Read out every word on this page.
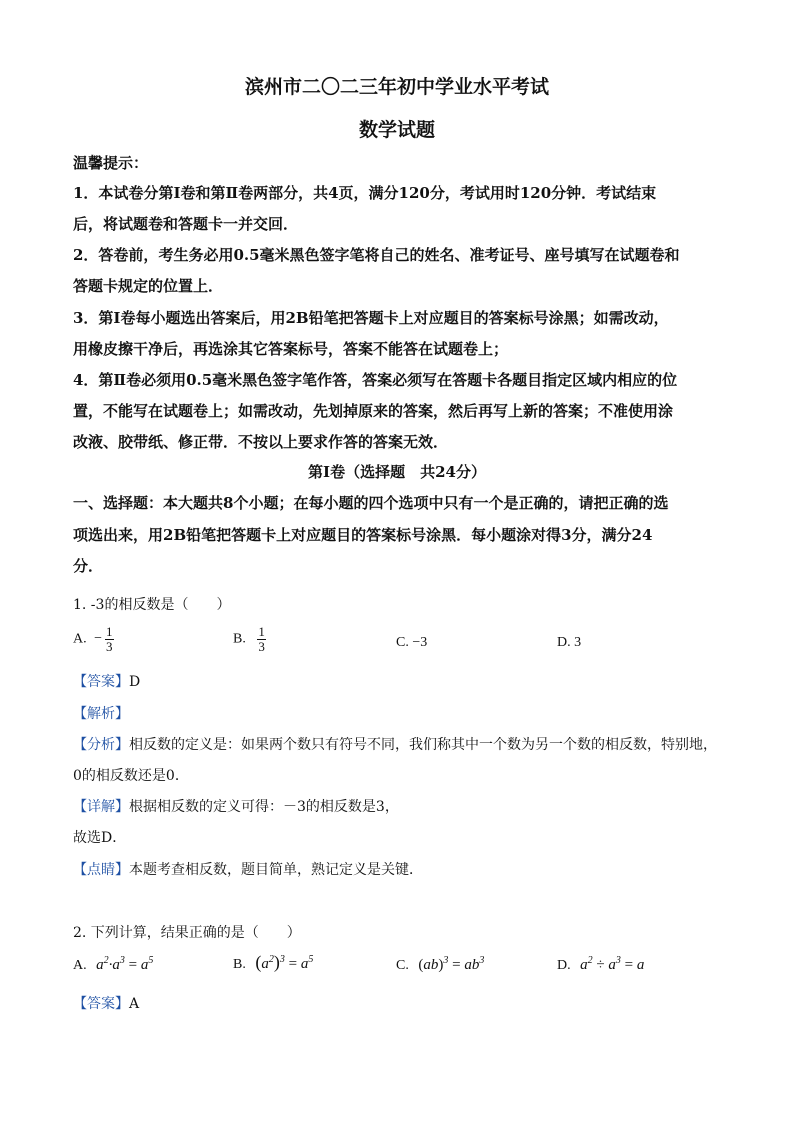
滨州市二〇二三年初中学业水平考试
数学试题
温馨提示：
1．本试卷分第Ⅰ卷和第Ⅱ卷两部分，共4页，满分120分，考试用时120分钟．考试结束
后，将试题卷和答题卡一并交回．
2．答卷前，考生务必用0.5毫米黑色签字笔将自己的姓名、准考证号、座号填写在试题卷和
答题卡规定的位置上．
3．第Ⅰ卷每小题选出答案后，用2B铅笔把答题卡上对应题目的答案标号涂黑；如需改动，
用橡皮擦干净后，再选涂其它答案标号，答案不能答在试题卷上；
4．第Ⅱ卷必须用0.5毫米黑色签字笔作答，答案必须写在答题卡各题目指定区域内相应的位
置，不能写在试题卷上；如需改动，先划掉原来的答案，然后再写上新的答案；不准使用涂
改液、胶带纸、修正带．不按以上要求作答的答案无效．
第Ⅰ卷（选择题　共24分）
一、选择题：本大题共8个小题；在每小题的四个选项中只有一个是正确的，请把正确的选
项选出来，用2B铅笔把答题卡上对应题目的答案标号涂黑．每小题涂对得3分，满分24
分．
1. -3的相反数是（　　）
A. − $\frac{1}{3}$	B. $\frac{1}{3}$	C. −3	D. 3
【答案】D
【解析】
【分析】相反数的定义是：如果两个数只有符号不同，我们称其中一个数为另一个数的相反数，特别地，
0的相反数还是0．
【详解】根据相反数的定义可得：－3的相反数是3，
故选D．
【点睛】本题考查相反数，题目简单，熟记定义是关键．
2. 下列计算，结果正确的是（　　）
A. $a^2\cdot a^3 = a^5$	B. $(a^2)^3 = a^5$	C. $(ab)^3 = ab^3$	D. $a^2 \div a^3 = a$
【答案】A
